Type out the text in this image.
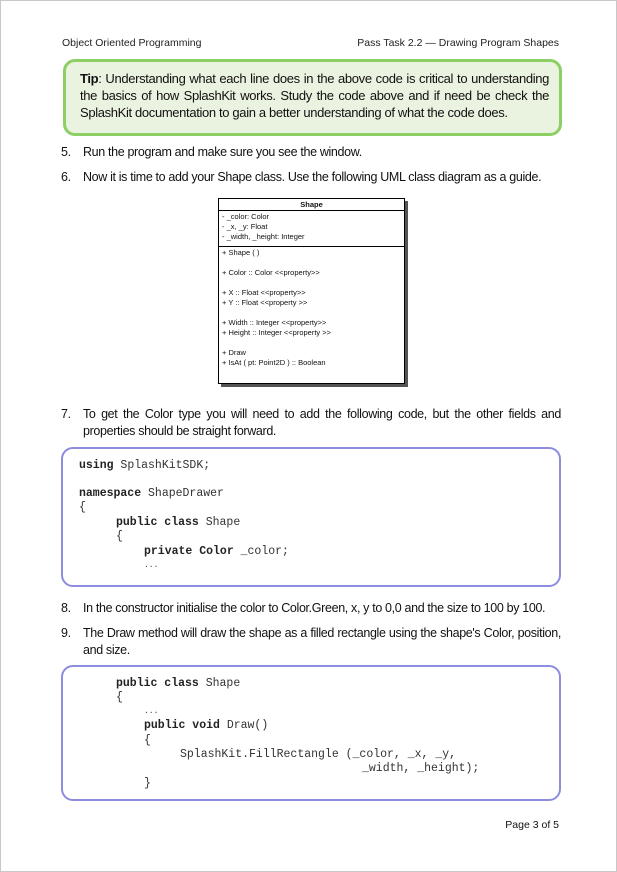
Object Oriented Programming	Pass Task 2.2 — Drawing Program Shapes
Tip: Understanding what each line does in the above code is critical to understanding the basics of how SplashKit works. Study the code above and if need be check the SplashKit documentation to gain a better understanding of what the code does.
5. Run the program and make sure you see the window.
6. Now it is time to add your Shape class. Use the following UML class diagram as a guide.
Shape
- _color: Color
- _x, _y: Float
- _width, _height: Integer
+ Shape ( )
+ Color :: Color <<property>>
+ X :: Float <<property>>
+ Y :: Float <<property >>
+ Width :: Integer <<property>>
+ Height :: Integer <<property >>
+ Draw
+ IsAt ( pt: Point2D ) :: Boolean
7. To get the Color type you will need to add the following code, but the other fields and properties should be straight forward.
using SplashKitSDK;
namespace ShapeDrawer
{
public class Shape
{
private Color _color;
...
8. In the constructor initialise the color to Color.Green, x, y to 0,0 and the size to 100 by 100.
9. The Draw method will draw the shape as a filled rectangle using the shape's Color, position, and size.
public class Shape
{
...
public void Draw()
{
SplashKit.FillRectangle (_color, _x, _y,
_width, _height);
}
Page 3 of 5
